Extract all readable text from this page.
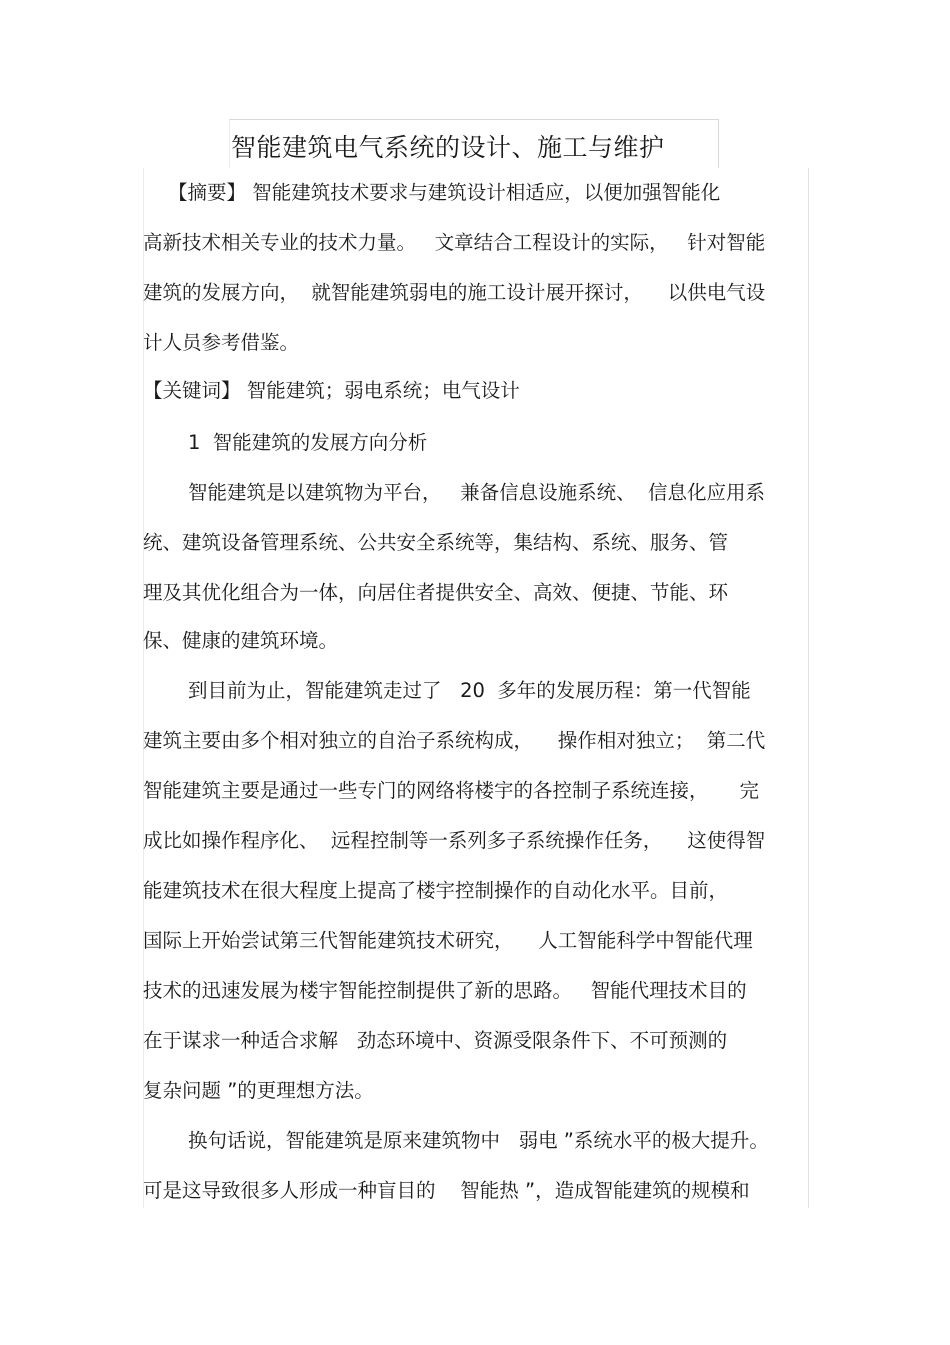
智能建筑电气系统的设计、施工与维护
【摘要】 智能建筑技术要求与建筑设计相适应，以便加强智能化
高新技术相关专业的技术力量。   文章结合工程设计的实际，   针对智能
建筑的发展方向，  就智能建筑弱电的施工设计展开探讨，    以供电气设
计人员参考借鉴。
【关键词】 智能建筑；弱电系统；电气设计
1  智能建筑的发展方向分析
智能建筑是以建筑物为平台，   兼备信息设施系统、  信息化应用系
统、建筑设备管理系统、公共安全系统等，集结构、系统、服务、管
理及其优化组合为一体，向居住者提供安全、高效、便捷、节能、环
保、健康的建筑环境。
到目前为止，智能建筑走过了   20  多年的发展历程：第一代智能
建筑主要由多个相对独立的自治子系统构成，    操作相对独立；  第二代
智能建筑主要是通过一些专门的网络将楼宇的各控制子系统连接，     完
成比如操作程序化、  远程控制等一系列多子系统操作任务，    这使得智
能建筑技术在很大程度上提高了楼宇控制操作的自动化水平。目前，
国际上开始尝试第三代智能建筑技术研究，    人工智能科学中智能代理
技术的迅速发展为楼宇智能控制提供了新的思路。   智能代理技术目的
在于谋求一种适合求解   劲态环境中、资源受限条件下、不可预测的
复杂问题 ”的更理想方法。
换句话说，智能建筑是原来建筑物中   弱电 ”系统水平的极大提升。
可是这导致很多人形成一种盲目的    智能热 ”，造成智能建筑的规模和
